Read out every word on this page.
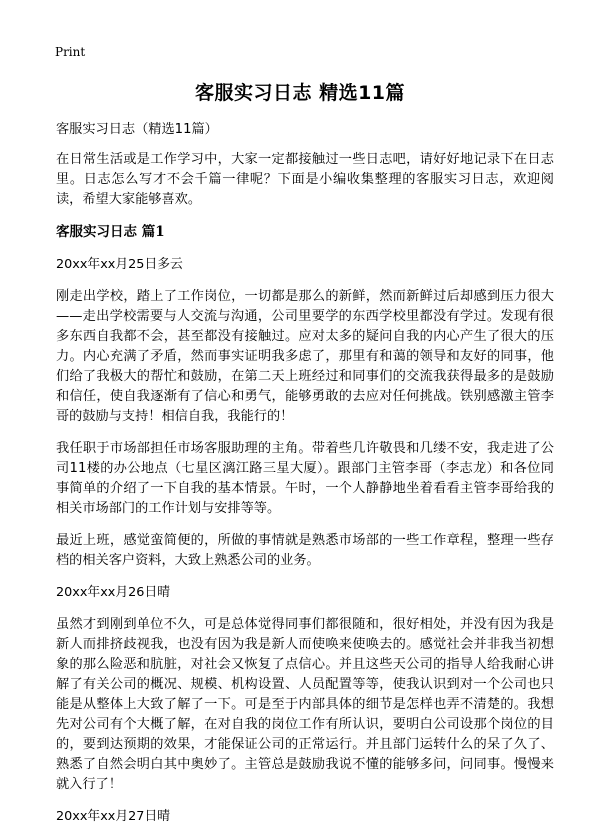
Print
客服实习日志 精选11篇

客服实习日志（精选11篇）

在日常生活或是工作学习中，大家一定都接触过一些日志吧，请好好地记录下在日志里。日志怎么写才不会千篇一律呢？下面是小编收集整理的客服实习日志，欢迎阅读，希望大家能够喜欢。

客服实习日志 篇1

20xx年xx月25日多云

刚走出学校，踏上了工作岗位，一切都是那么的新鲜，然而新鲜过后却感到压力很大——走出学校需要与人交流与沟通，公司里要学的东西学校里都没有学过。发现有很多东西自我都不会，甚至都没有接触过。应对太多的疑问自我的内心产生了很大的压力。内心充满了矛盾，然而事实证明我多虑了，那里有和蔼的领导和友好的同事，他们给了我极大的帮忙和鼓励，在第二天上班经过和同事们的交流我获得最多的是鼓励和信任，使自我逐渐有了信心和勇气，能够勇敢的去应对任何挑战。铁别感激主管李哥的鼓励与支持！相信自我，我能行的！

我任职于市场部担任市场客服助理的主角。带着些几许敬畏和几缕不安，我走进了公司11楼的办公地点（七星区漓江路三星大厦）。跟部门主管李哥（李志龙）和各位同事简单的介绍了一下自我的基本情景。午时，一个人静静地坐着看看主管李哥给我的相关市场部门的工作计划与安排等等。

最近上班，感觉蛮简便的，所做的事情就是熟悉市场部的一些工作章程，整理一些存档的相关客户资料，大致上熟悉公司的业务。

20xx年xx月26日晴

虽然才到刚到单位不久，可是总体觉得同事们都很随和，很好相处，并没有因为我是新人而排挤歧视我，也没有因为我是新人而使唤来使唤去的。感觉社会并非我当初想象的那么险恶和肮脏，对社会又恢复了点信心。并且这些天公司的指导人给我耐心讲解了有关公司的概况、规模、机构设置、人员配置等等，使我认识到对一个公司也只能是从整体上大致了解了一下。可是至于内部具体的细节是怎样也弄不清楚的。我想先对公司有个大概了解，在对自我的岗位工作有所认识，要明白公司设那个岗位的目的，要到达预期的效果，才能保证公司的正常运行。并且部门运转什么的呆了久了、熟悉了自然会明白其中奥妙了。主管总是鼓励我说不懂的能够多问，问同事。慢慢来就入行了！

20xx年xx月27日晴
